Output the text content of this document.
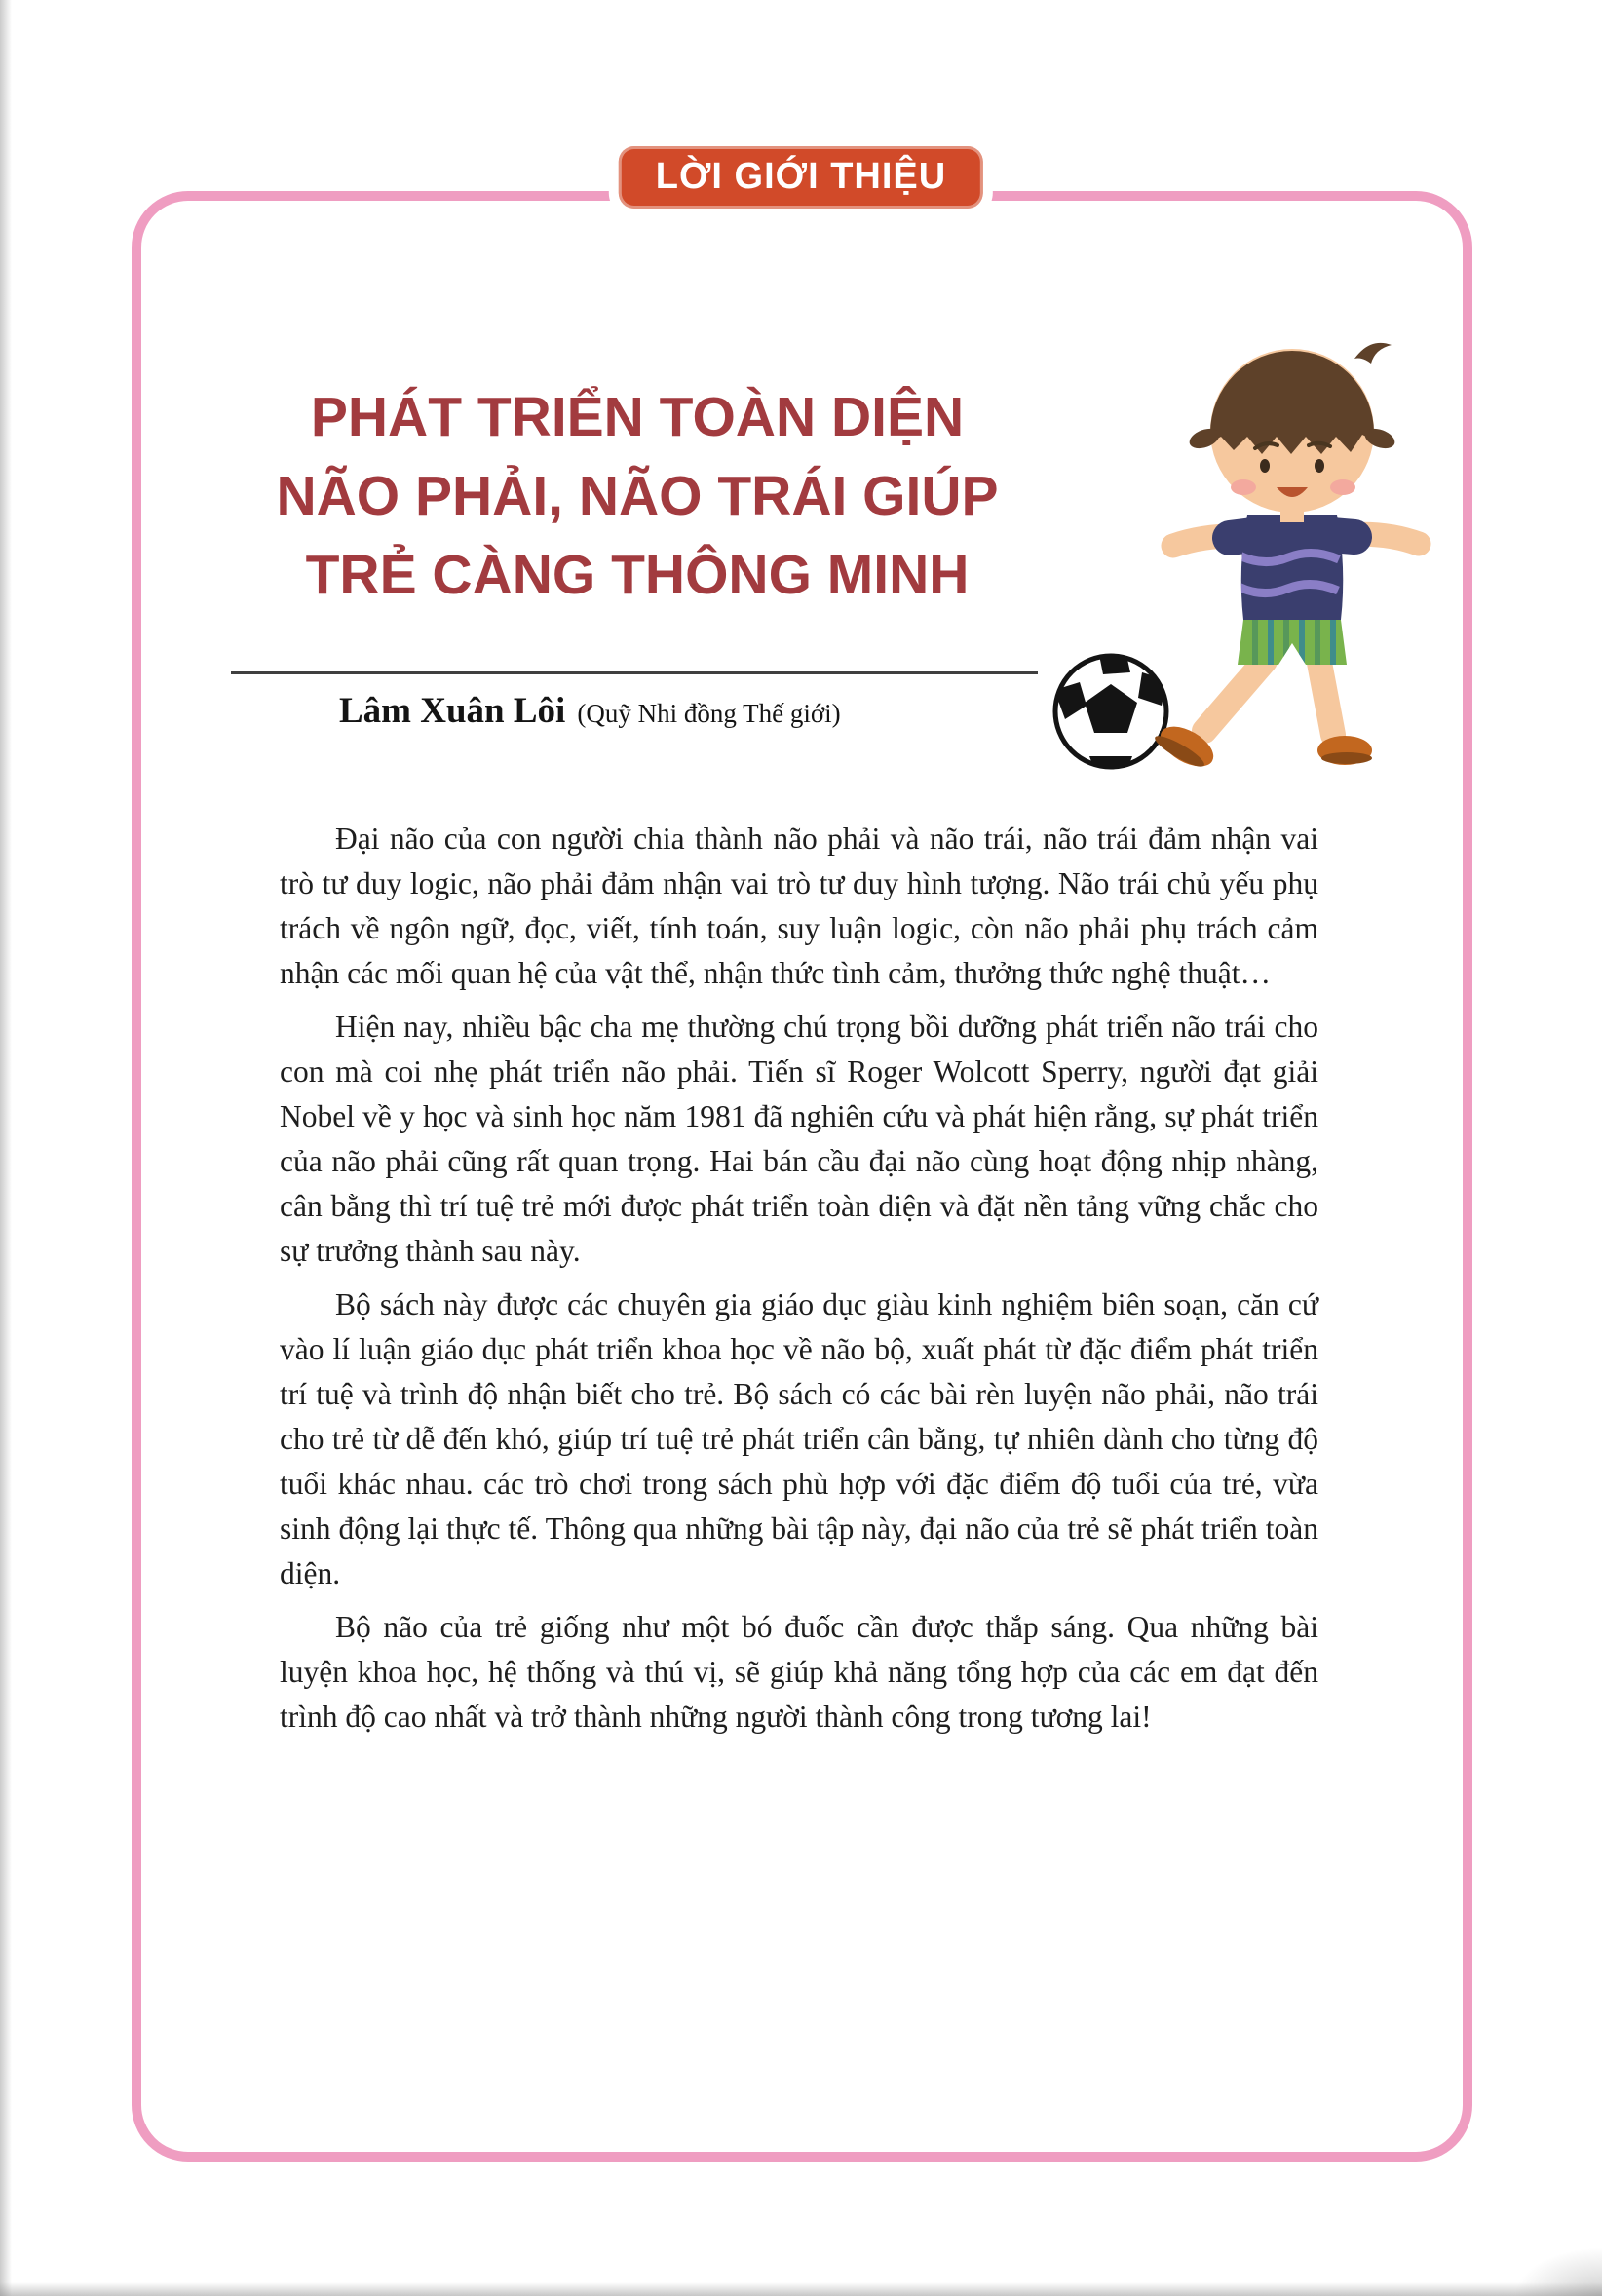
LỜI GIỚI THIỆU
PHÁT TRIỂN TOÀN DIỆN
NÃO PHẢI, NÃO TRÁI GIÚP
TRẺ CÀNG THÔNG MINH
Lâm Xuân Lôi (Quỹ Nhi đồng Thế giới)

Đại não của con người chia thành não phải và não trái, não trái đảm nhận vai trò tư duy logic, não phải đảm nhận vai trò tư duy hình tượng. Não trái chủ yếu phụ trách về ngôn ngữ, đọc, viết, tính toán, suy luận logic, còn não phải phụ trách cảm nhận các mối quan hệ của vật thể, nhận thức tình cảm, thưởng thức nghệ thuật…

Hiện nay, nhiều bậc cha mẹ thường chú trọng bồi dưỡng phát triển não trái cho con mà coi nhẹ phát triển não phải. Tiến sĩ Roger Wolcott Sperry, người đạt giải Nobel về y học và sinh học năm 1981 đã nghiên cứu và phát hiện rằng, sự phát triển của não phải cũng rất quan trọng. Hai bán cầu đại não cùng hoạt động nhịp nhàng, cân bằng thì trí tuệ trẻ mới được phát triển toàn diện và đặt nền tảng vững chắc cho sự trưởng thành sau này.

Bộ sách này được các chuyên gia giáo dục giàu kinh nghiệm biên soạn, căn cứ vào lí luận giáo dục phát triển khoa học về não bộ, xuất phát từ đặc điểm phát triển trí tuệ và trình độ nhận biết cho trẻ. Bộ sách có các bài rèn luyện não phải, não trái cho trẻ từ dễ đến khó, giúp trí tuệ trẻ phát triển cân bằng, tự nhiên dành cho từng độ tuổi khác nhau. các trò chơi trong sách phù hợp với đặc điểm độ tuổi của trẻ, vừa sinh động lại thực tế. Thông qua những bài tập này, đại não của trẻ sẽ phát triển toàn diện.

Bộ não của trẻ giống như một bó đuốc cần được thắp sáng. Qua những bài luyện khoa học, hệ thống và thú vị, sẽ giúp khả năng tổng hợp của các em đạt đến trình độ cao nhất và trở thành những người thành công trong tương lai!
